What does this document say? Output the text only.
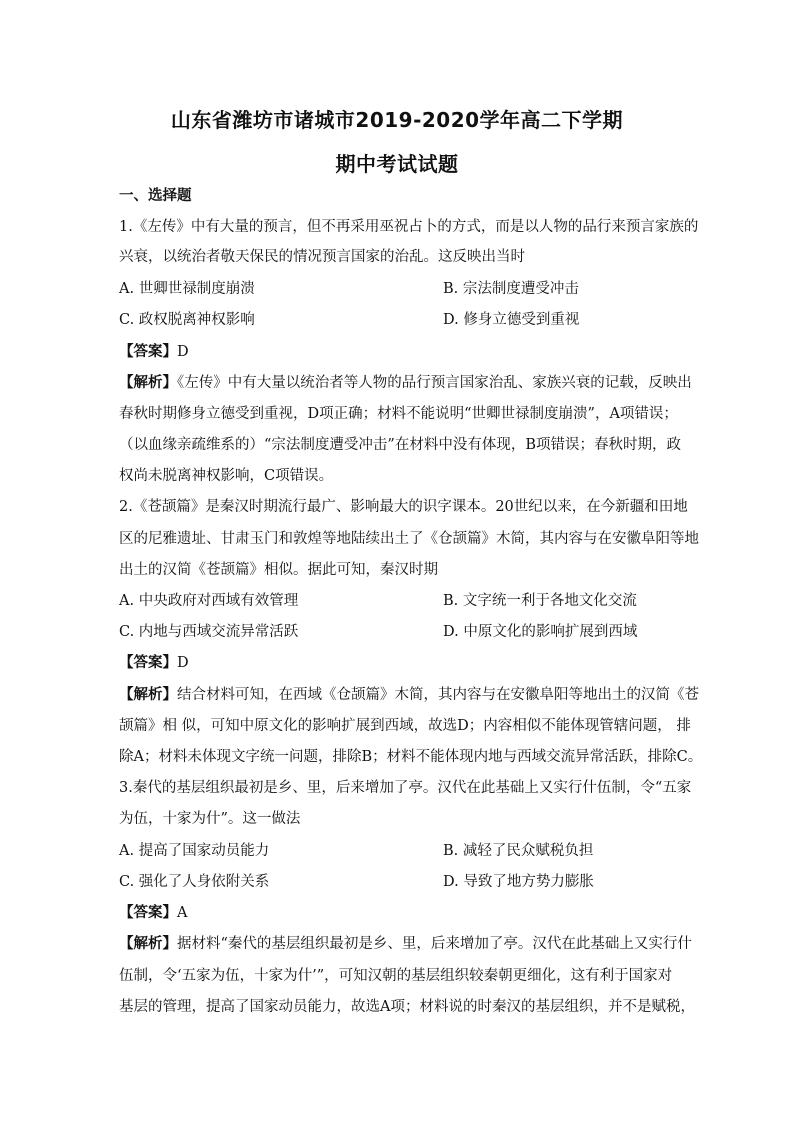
山东省潍坊市诸城市2019-2020学年高二下学期
期中考试试题
一、选择题
1.《左传》中有大量的预言，但不再采用巫祝占卜的方式，而是以人物的品行来预言家族的
兴衰，以统治者敬天保民的情况预言国家的治乱。这反映出当时
A. 世卿世禄制度崩溃	B. 宗法制度遭受冲击
C. 政权脱离神权影响	D. 修身立德受到重视
【答案】D
【解析】《左传》中有大量以统治者等人物的品行预言国家治乱、家族兴衰的记载，反映出
春秋时期修身立德受到重视，D项正确；材料不能说明“世卿世禄制度崩溃”，A项错误；
（以血缘亲疏维系的）“宗法制度遭受冲击”在材料中没有体现，B项错误；春秋时期，政
权尚未脱离神权影响，C项错误。
2.《苍颉篇》是秦汉时期流行最广、影响最大的识字课本。20世纪以来，在今新疆和田地
区的尼雅遗址、甘肃玉门和敦煌等地陆续出土了《仓颉篇》木简，其内容与在安徽阜阳等地
出土的汉简《苍颉篇》相似。据此可知，秦汉时期
A. 中央政府对西域有效管理	B. 文字统一利于各地文化交流
C. 内地与西域交流异常活跃	D. 中原文化的影响扩展到西域
【答案】D
【解析】结合材料可知，在西域《仓颉篇》木简，其内容与在安徽阜阳等地出土的汉简《苍
颉篇》相 似，可知中原文化的影响扩展到西域，故选D；内容相似不能体现管辖问题， 排
除A；材料未体现文字统一问题，排除B；材料不能体现内地与西域交流异常活跃，排除C。
3.秦代的基层组织最初是乡、里，后来增加了亭。汉代在此基础上又实行什伍制，令“五家
为伍，十家为什”。这一做法
A. 提高了国家动员能力	B. 减轻了民众赋税负担
C. 强化了人身依附关系	D. 导致了地方势力膨胀
【答案】A
【解析】据材料“秦代的基层组织最初是乡、里，后来增加了亭。汉代在此基础上又实行什
伍制，令‘五家为伍，十家为什’”，可知汉朝的基层组织较秦朝更细化，这有利于国家对
基层的管理，提高了国家动员能力，故选A项；材料说的时秦汉的基层组织，并不是赋税，
